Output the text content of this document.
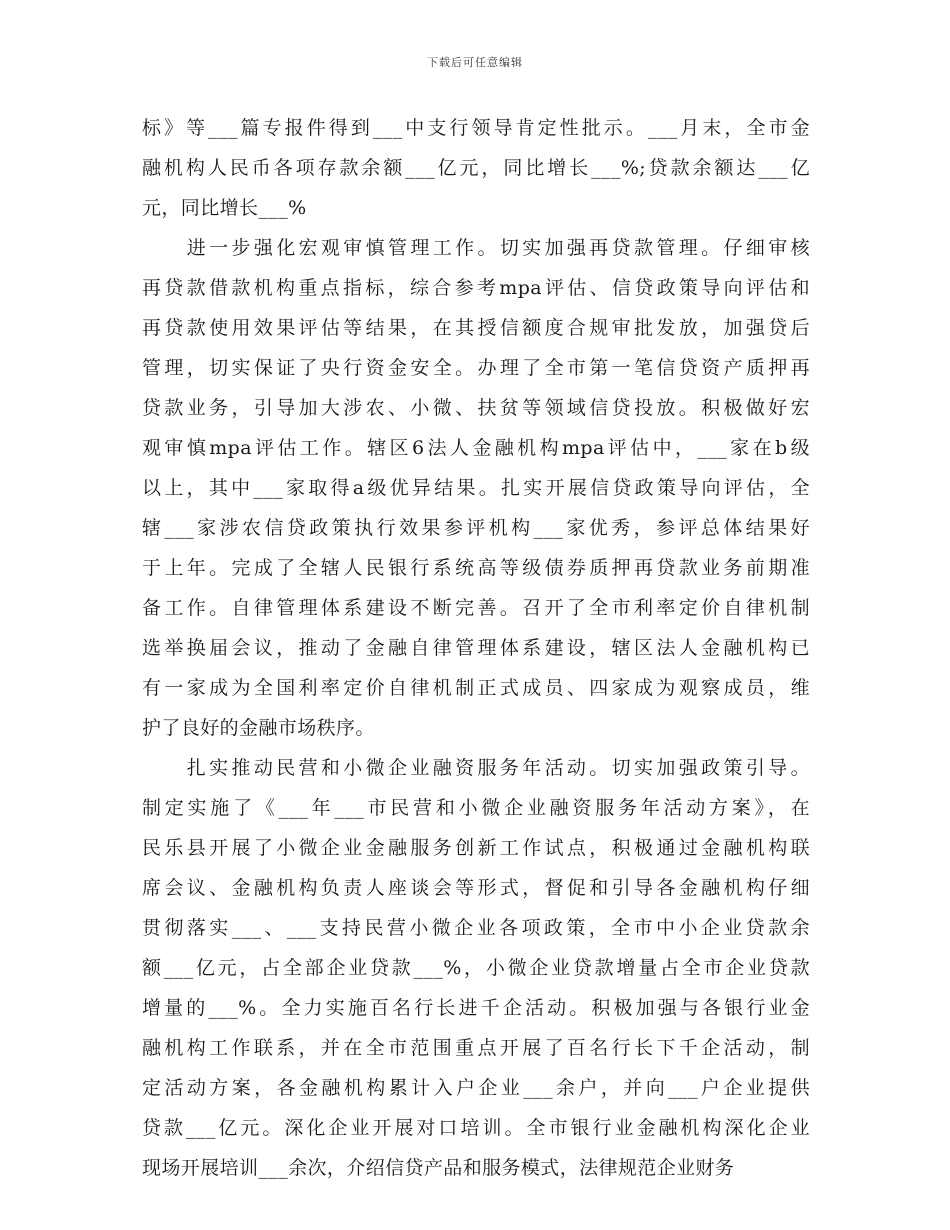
下载后可任意编辑
标》等___篇专报件得到___中支行领导肯定性批示。___月末，全市金
融机构人民币各项存款余额___亿元，同比增长___%;贷款余额达___亿
元，同比增长___%
　　进一步强化宏观审慎管理工作。切实加强再贷款管理。仔细审核
再贷款借款机构重点指标，综合参考mpa评估、信贷政策导向评估和
再贷款使用效果评估等结果，在其授信额度合规审批发放，加强贷后
管理，切实保证了央行资金安全。办理了全市第一笔信贷资产质押再
贷款业务，引导加大涉农、小微、扶贫等领域信贷投放。积极做好宏
观审慎mpa评估工作。辖区6法人金融机构mpa评估中，___家在b级
以上，其中___家取得a级优异结果。扎实开展信贷政策导向评估，全
辖___家涉农信贷政策执行效果参评机构___家优秀，参评总体结果好
于上年。完成了全辖人民银行系统高等级债券质押再贷款业务前期准
备工作。自律管理体系建设不断完善。召开了全市利率定价自律机制
选举换届会议，推动了金融自律管理体系建设，辖区法人金融机构已
有一家成为全国利率定价自律机制正式成员、四家成为观察成员，维
护了良好的金融市场秩序。
　　扎实推动民营和小微企业融资服务年活动。切实加强政策引导。
制定实施了《___年___市民营和小微企业融资服务年活动方案》，在
民乐县开展了小微企业金融服务创新工作试点，积极通过金融机构联
席会议、金融机构负责人座谈会等形式，督促和引导各金融机构仔细
贯彻落实___、___支持民营小微企业各项政策，全市中小企业贷款余
额___亿元，占全部企业贷款___%，小微企业贷款增量占全市企业贷款
增量的___%。全力实施百名行长进千企活动。积极加强与各银行业金
融机构工作联系，并在全市范围重点开展了百名行长下千企活动，制
定活动方案，各金融机构累计入户企业___余户，并向___户企业提供
贷款___亿元。深化企业开展对口培训。全市银行业金融机构深化企业
现场开展培训___余次，介绍信贷产品和服务模式，法律规范企业财务
